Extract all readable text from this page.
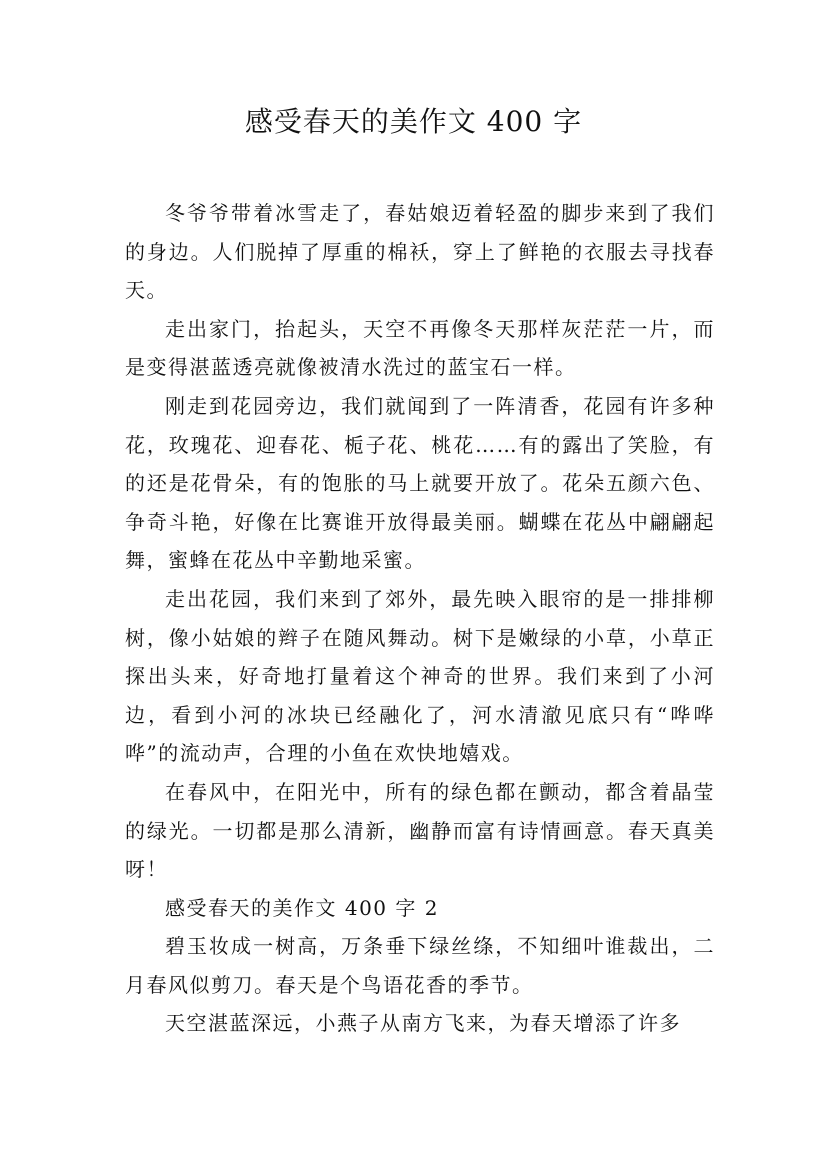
感受春天的美作文 400 字

冬爷爷带着冰雪走了，春姑娘迈着轻盈的脚步来到了我们的身边。人们脱掉了厚重的棉袄，穿上了鲜艳的衣服去寻找春天。

走出家门，抬起头，天空不再像冬天那样灰茫茫一片，而是变得湛蓝透亮就像被清水洗过的蓝宝石一样。

刚走到花园旁边，我们就闻到了一阵清香，花园有许多种花，玫瑰花、迎春花、栀子花、桃花……有的露出了笑脸，有的还是花骨朵，有的饱胀的马上就要开放了。花朵五颜六色、争奇斗艳，好像在比赛谁开放得最美丽。蝴蝶在花丛中翩翩起舞，蜜蜂在花丛中辛勤地采蜜。

走出花园，我们来到了郊外，最先映入眼帘的是一排排柳树，像小姑娘的辫子在随风舞动。树下是嫩绿的小草，小草正探出头来，好奇地打量着这个神奇的世界。我们来到了小河边，看到小河的冰块已经融化了，河水清澈见底只有“哗哗哗”的流动声，合理的小鱼在欢快地嬉戏。

在春风中，在阳光中，所有的绿色都在颤动，都含着晶莹的绿光。一切都是那么清新，幽静而富有诗情画意。春天真美呀！

感受春天的美作文 400 字 2

碧玉妆成一树高，万条垂下绿丝绦，不知细叶谁裁出，二月春风似剪刀。春天是个鸟语花香的季节。

天空湛蓝深远，小燕子从南方飞来，为春天增添了许多
